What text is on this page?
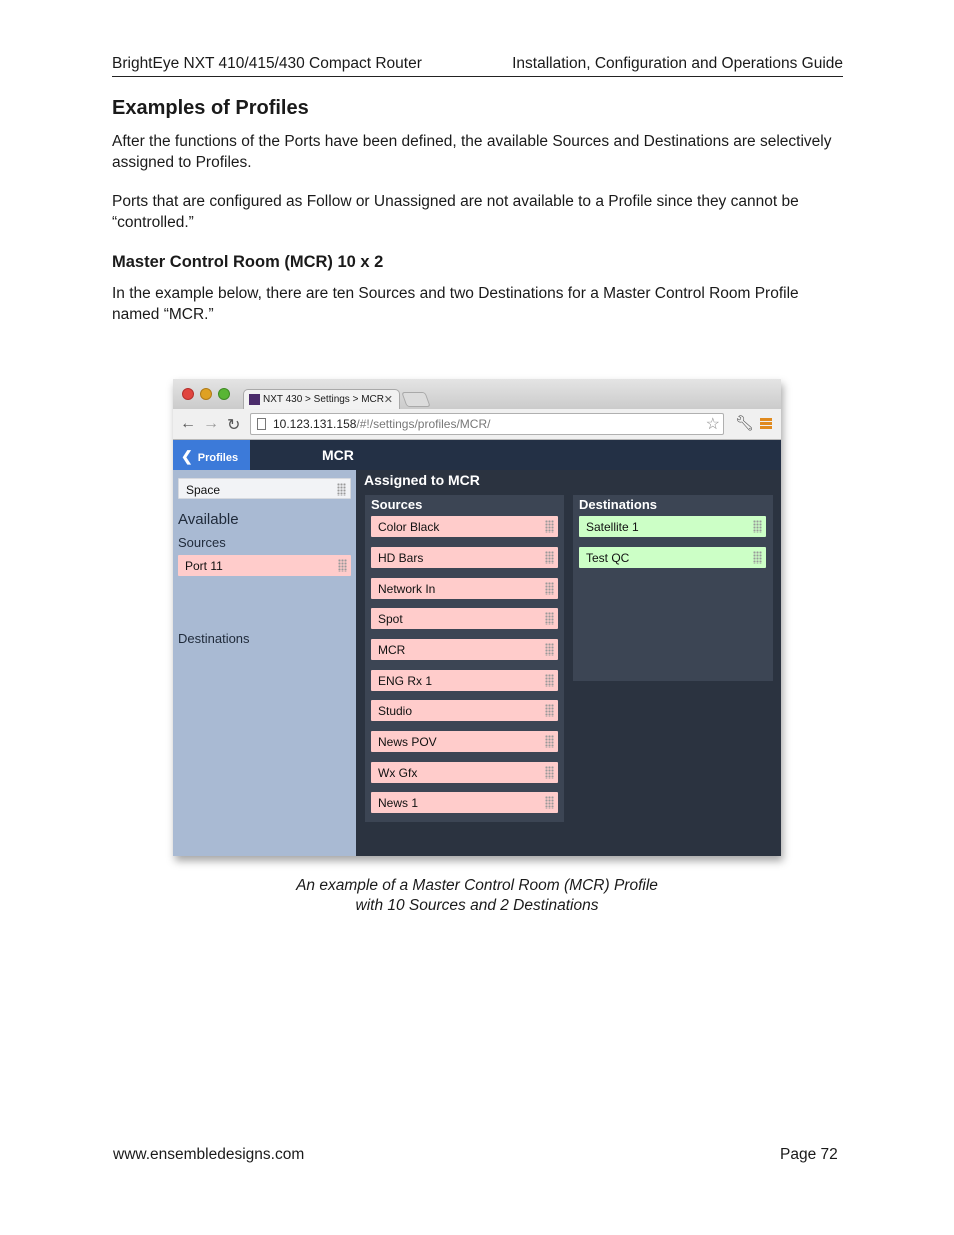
BrightEye NXT 410/415/430 Compact Router	Installation, Configuration and Operations Guide
Examples of Profiles

After the functions of the Ports have been defined, the available Sources and Destinations are selectively assigned to Profiles.

Ports that are configured as Follow or Unassigned are not available to a Profile since they cannot be “controlled.”

Master Control Room (MCR) 10 x 2

In the example below, there are ten Sources and two Destinations for a Master Control Room Profile named “MCR.”

NXT 430 > Settings > MCR ✕
← → ↻	10.123.131.158/#!/settings/profiles/MCR/	☆ 🔧︎
❮ Profiles	MCR
Space
Available
Sources
Port 11
Destinations
Assigned to MCR
Sources
Color Black
HD Bars
Network In
Spot
MCR
ENG Rx 1
Studio
News POV
Wx Gfx
News 1
Destinations
Satellite 1
Test QC
An example of a Master Control Room (MCR) Profile
with 10 Sources and 2 Destinations
www.ensembledesigns.com	Page 72
